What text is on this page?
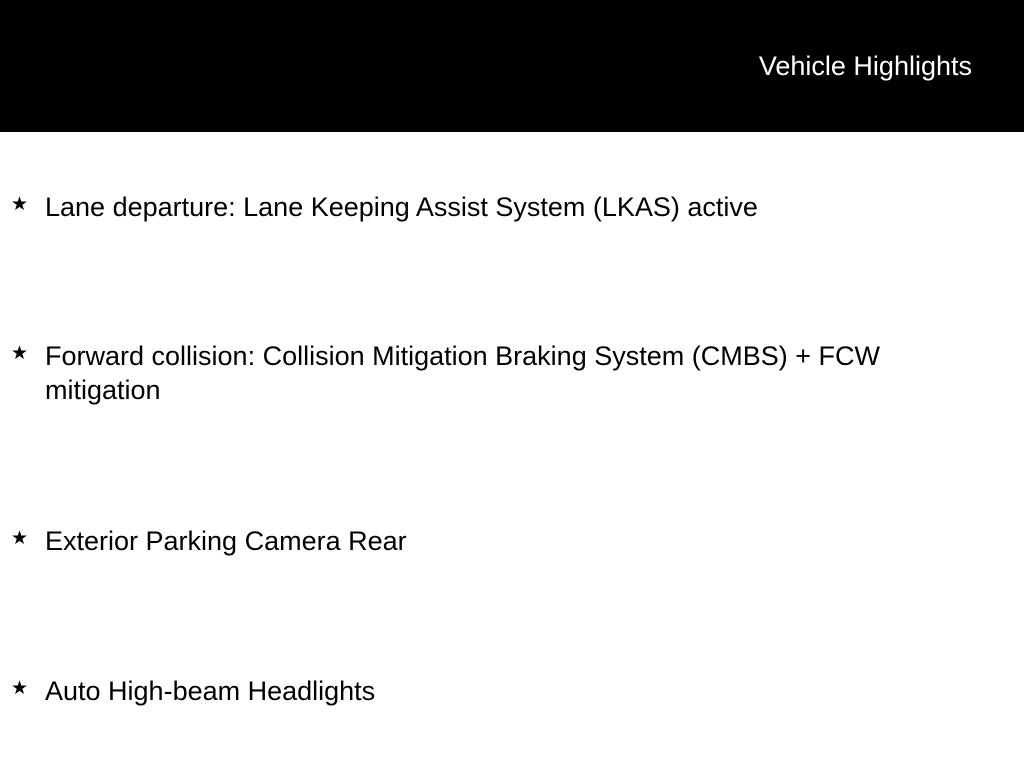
Vehicle Highlights
★ Lane departure: Lane Keeping Assist System (LKAS) active
★ Forward collision: Collision Mitigation Braking System (CMBS) + FCW mitigation
★ Exterior Parking Camera Rear
★ Auto High-beam Headlights
